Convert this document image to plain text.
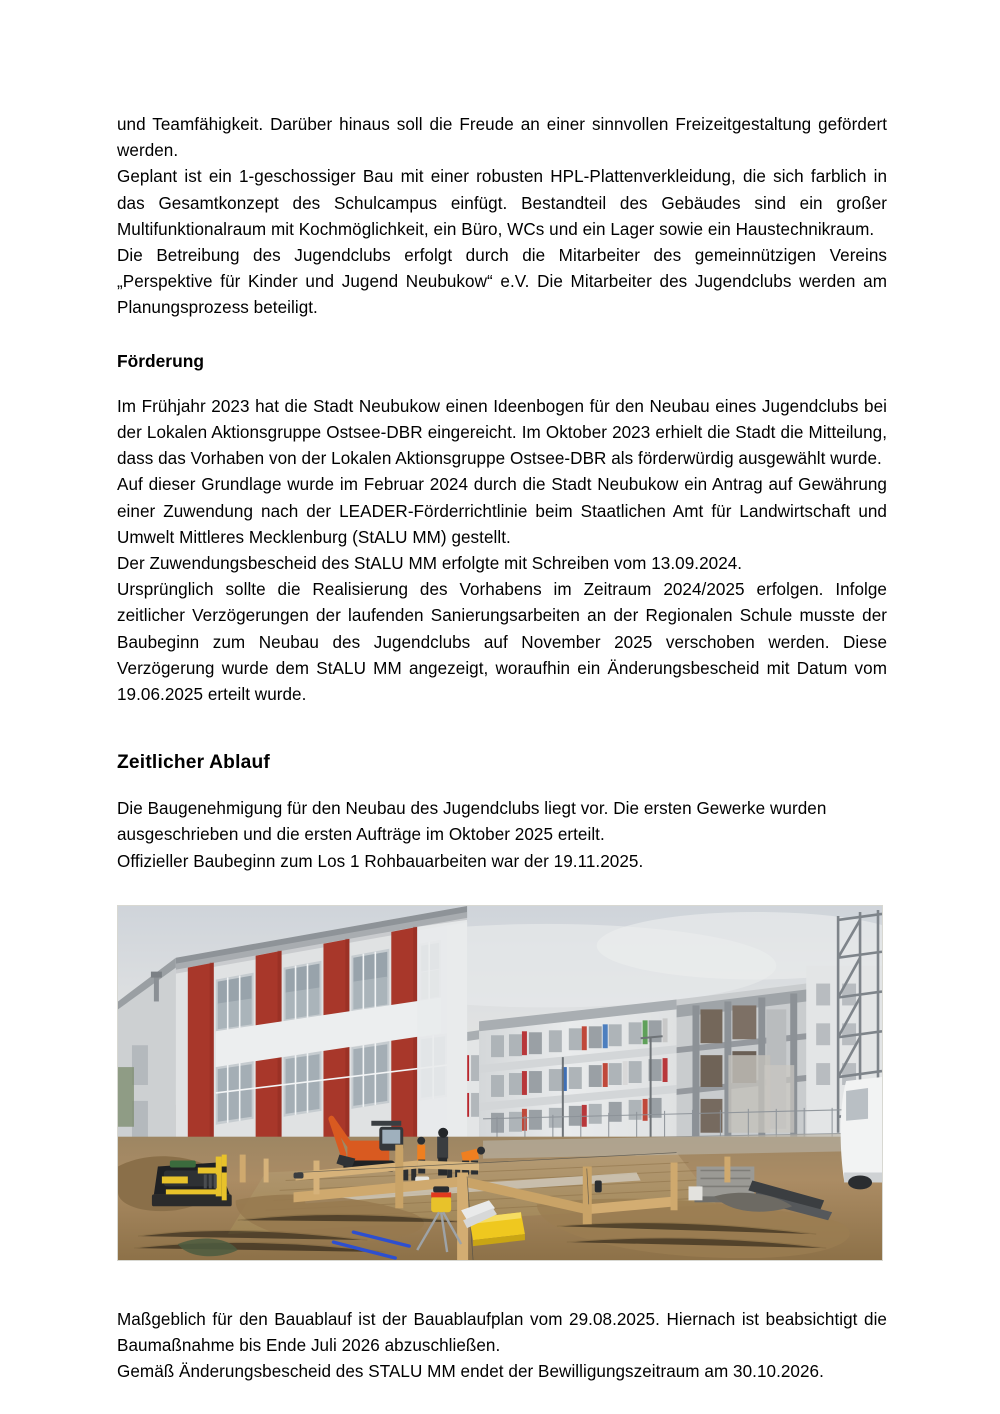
und Teamfähigkeit. Darüber hinaus soll die Freude an einer sinnvollen Freizeitgestaltung gefördert werden.

Geplant ist ein 1-geschossiger Bau mit einer robusten HPL-Plattenverkleidung, die sich farblich in das Gesamtkonzept des Schulcampus einfügt. Bestandteil des Gebäudes sind ein großer Multifunktionalraum mit Kochmöglichkeit, ein Büro, WCs und ein Lager sowie ein Haustechnikraum.

Die Betreibung des Jugendclubs erfolgt durch die Mitarbeiter des gemeinnützigen Vereins „Perspektive für Kinder und Jugend Neubukow“ e.V. Die Mitarbeiter des Jugendclubs werden am Planungsprozess beteiligt.

Förderung

Im Frühjahr 2023 hat die Stadt Neubukow einen Ideenbogen für den Neubau eines Jugendclubs bei der Lokalen Aktionsgruppe Ostsee-DBR eingereicht. Im Oktober 2023 erhielt die Stadt die Mitteilung, dass das Vorhaben von der Lokalen Aktionsgruppe Ostsee-DBR als förderwürdig ausgewählt wurde.

Auf dieser Grundlage wurde im Februar 2024 durch die Stadt Neubukow ein Antrag auf Gewährung einer Zuwendung nach der LEADER-Förderrichtlinie beim Staatlichen Amt für Landwirtschaft und Umwelt Mittleres Mecklenburg (StALU MM) gestellt.

Der Zuwendungsbescheid des StALU MM erfolgte mit Schreiben vom 13.09.2024.

Ursprünglich sollte die Realisierung des Vorhabens im Zeitraum 2024/2025 erfolgen. Infolge zeitlicher Verzögerungen der laufenden Sanierungsarbeiten an der Regionalen Schule musste der Baubeginn zum Neubau des Jugendclubs auf November 2025 verschoben werden. Diese Verzögerung wurde dem StALU MM angezeigt, woraufhin ein Änderungsbescheid mit Datum vom 19.06.2025 erteilt wurde.

Zeitlicher Ablauf

Die Baugenehmigung für den Neubau des Jugendclubs liegt vor. Die ersten Gewerke wurden ausgeschrieben und die ersten Aufträge im Oktober 2025 erteilt.

Offizieller Baubeginn zum Los 1 Rohbauarbeiten war der 19.11.2025.

Maßgeblich für den Bauablauf ist der Bauablaufplan vom 29.08.2025. Hiernach ist beabsichtigt die Baumaßnahme bis Ende Juli 2026 abzuschließen.

Gemäß Änderungsbescheid des STALU MM endet der Bewilligungszeitraum am 30.10.2026.
